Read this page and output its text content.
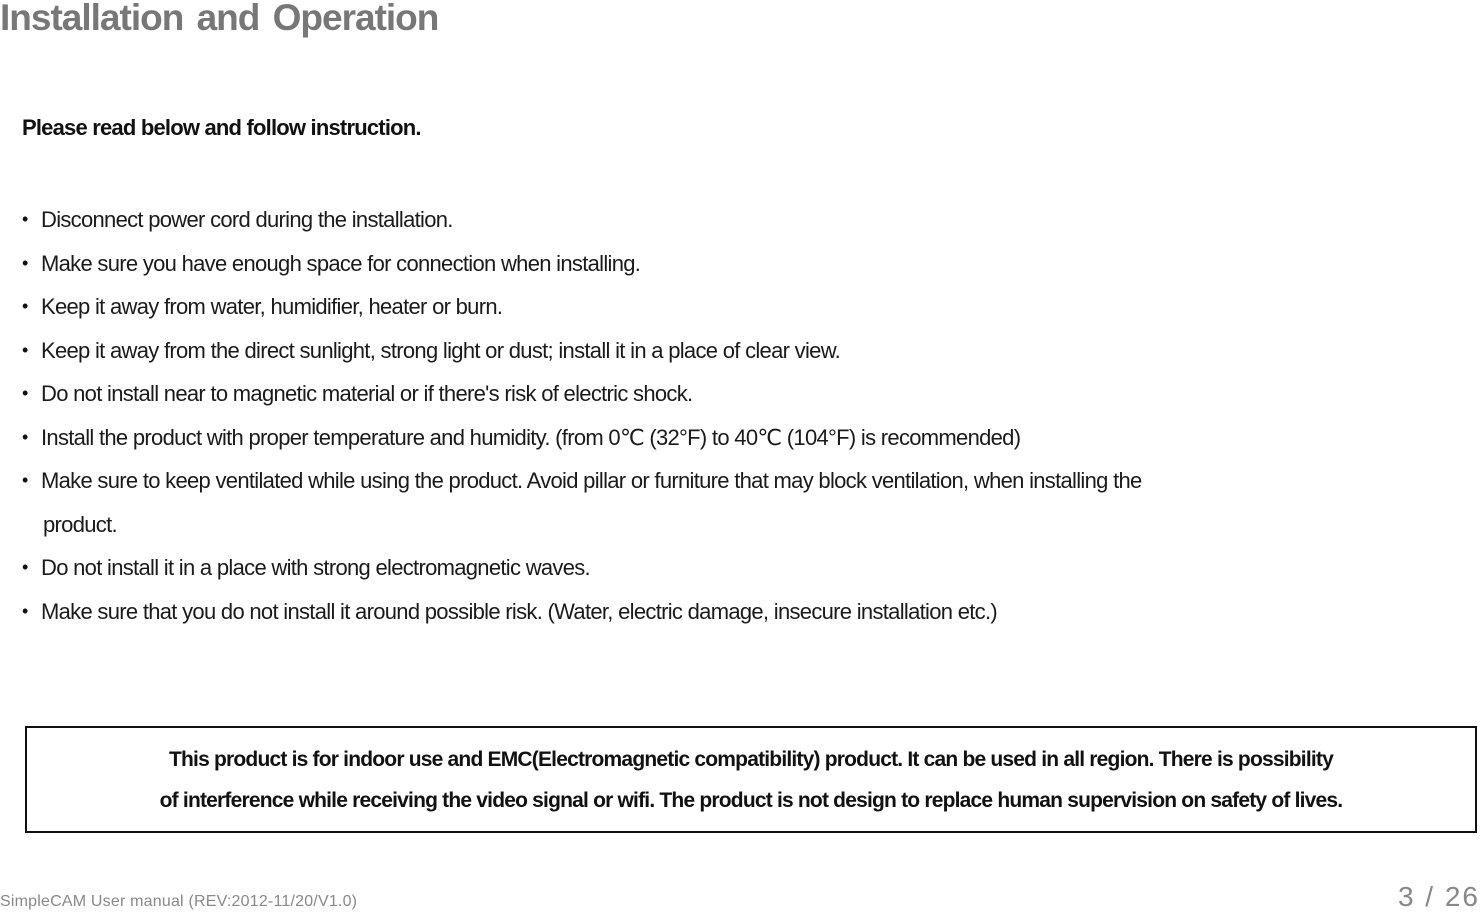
Installation and Operation
Please read below and follow instruction.
• Disconnect power cord during the installation.
• Make sure you have enough space for connection when installing.
• Keep it away from water, humidifier, heater or burn.
• Keep it away from the direct sunlight, strong light or dust; install it in a place of clear view.
• Do not install near to magnetic material or if there's risk of electric shock.
• Install the product with proper temperature and humidity. (from 0℃ (32°F) to 40℃ (104°F) is recommended)
• Make sure to keep ventilated while using the product. Avoid pillar or furniture that may block ventilation, when installing the
product.
• Do not install it in a place with strong electromagnetic waves.
• Make sure that you do not install it around possible risk. (Water, electric damage, insecure installation etc.)
This product is for indoor use and EMC(Electromagnetic compatibility) product. It can be used in all region. There is possibility
of interference while receiving the video signal or wifi. The product is not design to replace human supervision on safety of lives.
SimpleCAM User manual (REV:2012-11/20/V1.0)	3 / 26
